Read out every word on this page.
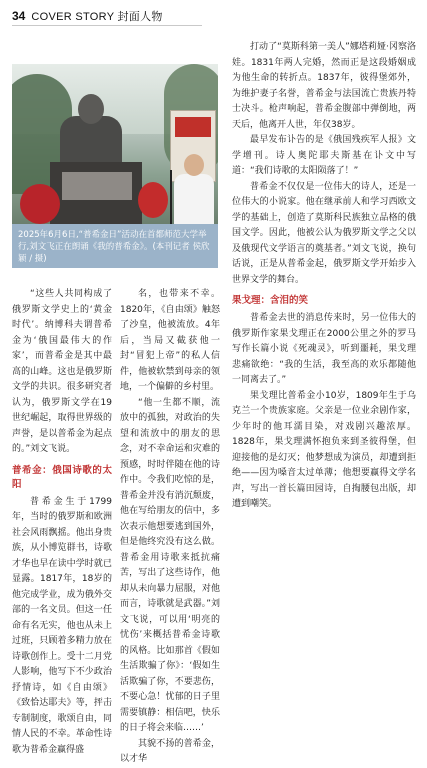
34 COVER STORY 封面人物
2025年6月6日,“普希金日”活动在首都师范大学举行,刘文飞正在朗诵《我的普希金》。(本刊记者 侯欣颖 / 摄)

“这些人共同构成了俄罗斯文学史上的‘黄金时代’。纳博科夫谓普希金为‘俄国最伟大的作家’，而普希金是其中最高的山峰。这也是俄罗斯文学的共识。很多研究者认为，俄罗斯文学在19世纪崛起，取得世界级的声誉，是以普希金为起点的。”刘文飞说。

普希金：俄国诗歌的太阳

普希金生于1799年，当时的俄罗斯和欧洲社会风雨飘摇。他出身贵族，从小博览群书，诗歌才华也早在读中学时就已显露。1817年，18岁的他完成学业，成为俄外交部的一名文员。但这一任命有名无实，他也从未上过班，只顾着多精力放在诗歌创作上。受十二月党人影响，他写下不少政治抒情诗，如《自由颂》《致恰达耶夫》等，抨击专制制度，歌颂自由，同情人民的不幸。革命性诗歌为普希金赢得盛

名，也带来不幸。1820年，《自由颂》触怒了沙皇，他被流放。4年后，当局又截获他一封“冒犯上帝”的私人信件，他被软禁到母亲的领地，一个偏僻的乡村里。

“他一生都不顺，流放中的孤独，对政治的失望和流放中的朋友的思念，对不幸命运和灾难的预感，时时伴随在他的诗作中。令我们吃惊的是，普希金并没有消沉颓废，他在写给朋友的信中，多次表示他想要逃到国外，但是他终究没有这么做。普希金用诗歌来抵抗痛苦，写出了这些诗作，他却从未向暴力屈服，对他而言，诗歌就是武器。”刘文飞说，可以用‘明亮的忧伤’来概括普希金诗歌的风格。比如那首《假如生活欺骗了你》：‘假如生活欺骗了你，不要悲伤，不要心急！忧郁的日子里需要镇静：相信吧，快乐的日子将会来临……’

其貌不扬的普希金，以才华

打动了“莫斯科第一美人”娜塔莉娅·冈察洛娃。1831年两人完婚，然而正是这段婚姻成为他生命的转折点。1837年，彼得堡郊外，为维护妻子名誉，普希金与法国流亡贵族丹特士决斗。枪声响起，普希金腹部中弹倒地，两天后，他离开人世，年仅38岁。

最早发布讣告的是《俄国残疾军人报》文学增刊。诗人奥陀耶夫斯基在讣文中写道：“我们诗歌的太阳陨落了！”

普希金不仅仅是一位伟大的诗人，还是一位伟大的小说家。他在继承前人和学习西欧文学的基础上，创造了莫斯科民族独立品格的俄国文学。因此，他被公认为俄罗斯文学之父以及俄现代文学语言的奠基者。”刘文飞说，换句话说，正是从普希金起，俄罗斯文学开始步入世界文学的舞台。

果戈理：含泪的笑

普希金去世的消息传来时，另一位伟大的俄罗斯作家果戈理正在2000公里之外的罗马写作长篇小说《死魂灵》，听到噩耗，果戈理悲痛欲绝：“我的生活，我至高的欢乐都随他一同离去了。”

果戈理比普希金小10岁，1809年生于乌克兰一个贵族家庭。父亲是一位业余剧作家，少年时的他耳濡目染，对戏剧兴趣浓厚。1828年，果戈理满怀抱负来到圣彼得堡，但迎接他的是幻灭；他梦想成为演员，却遭到拒绝——因为嗓音太过单薄；他想要赢得文学名声，写出一首长篇田园诗，自掏腰包出版，却遭到嘲笑。
